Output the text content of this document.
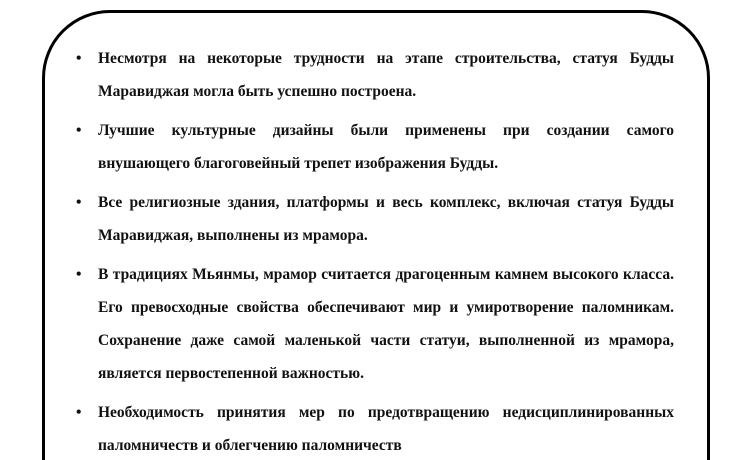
•	Несмотря на некоторые трудности на этапе строительства, статуя Будды Маравиджая могла быть успешно построена.
•	Лучшие культурные дизайны были применены при создании самого внушающего благоговейный трепет изображения Будды.
•	Все религиозные здания, платформы и весь комплекс, включая статуя Будды Маравиджая, выполнены из мрамора.
•	В традициях Мьянмы, мрамор считается драгоценным камнем высокого класса. Его превосходные свойства обеспечивают мир и умиротворение паломникам. Сохранение даже самой маленькой части статуи, выполненной из мрамора, является первостепенной важностью.
•	Необходимость принятия мер по предотвращению недисциплинированных паломничеств и облегчению паломничеств
